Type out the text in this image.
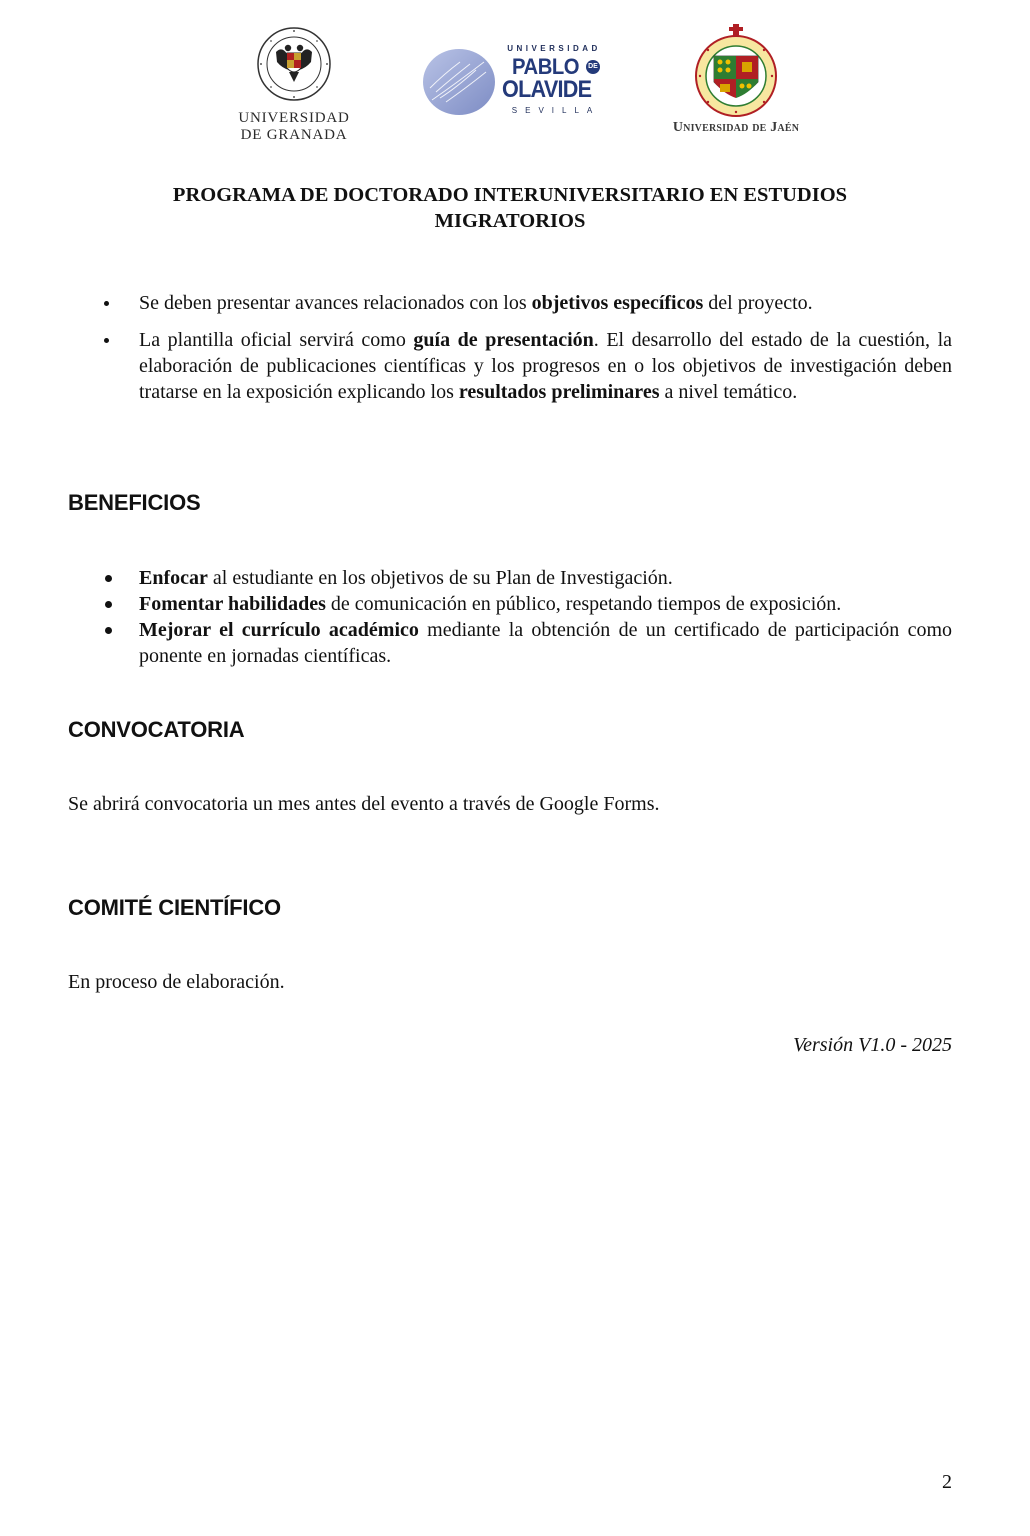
UNIVERSIDAD
DE GRANADA
UNIVERSIDAD
PABLO	DE
OLAVIDE
SEVILLA
Universidad de Jaén
PROGRAMA DE DOCTORADO INTERUNIVERSITARIO EN ESTUDIOS
MIGRATORIOS
Se deben presentar avances relacionados con los objetivos específicos del proyecto.
La plantilla oficial servirá como guía de presentación. El desarrollo del estado de la cuestión, la elaboración de publicaciones científicas y los progresos en o los objetivos de investigación deben tratarse en la exposición explicando los resultados preliminares a nivel temático.
BENEFICIOS
Enfocar al estudiante en los objetivos de su Plan de Investigación.
Fomentar habilidades de comunicación en público, respetando tiempos de exposición.
Mejorar el currículo académico mediante la obtención de un certificado de participación como ponente en jornadas científicas.
CONVOCATORIA
Se abrirá convocatoria un mes antes del evento a través de Google Forms.
COMITÉ CIENTÍFICO
En proceso de elaboración.
Versión V1.0 - 2025
2
